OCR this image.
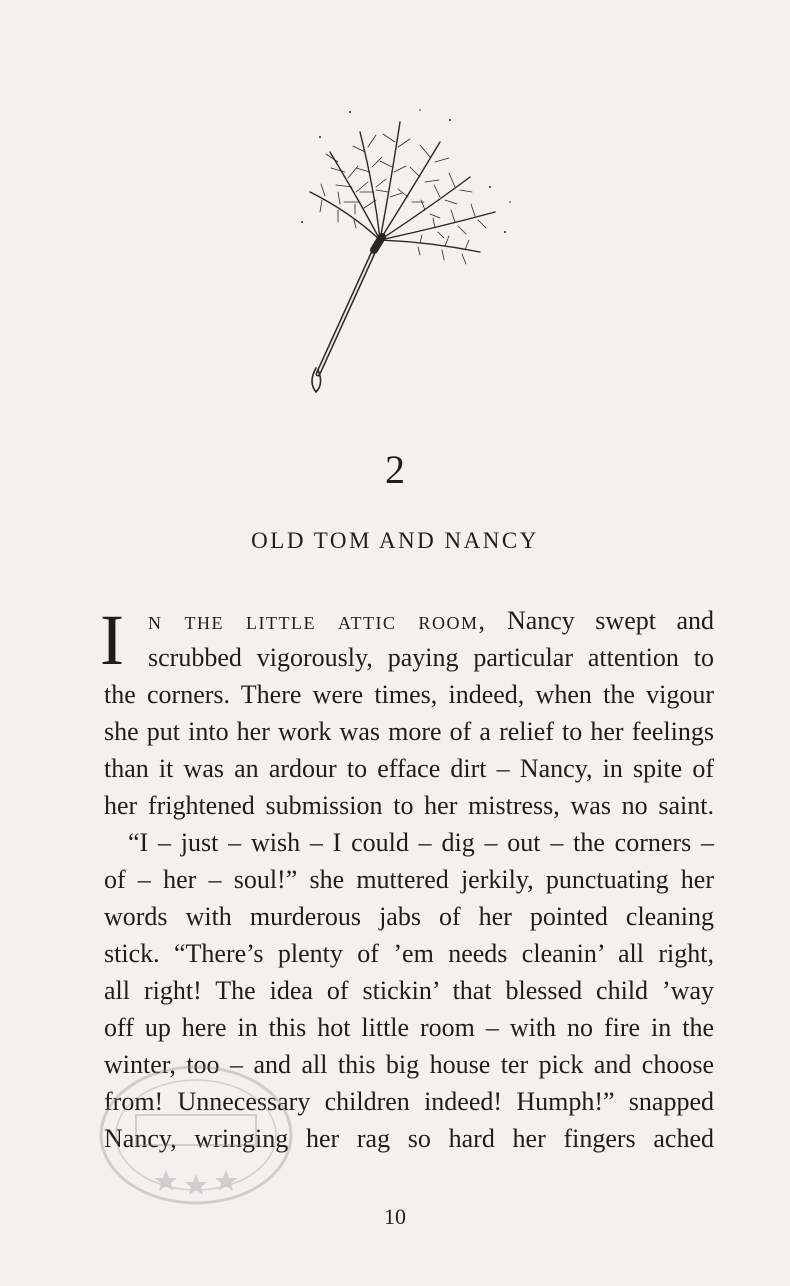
2
OLD TOM AND NANCY
I n the little attic room, Nancy swept and
scrubbed vigorously, paying particular attention to
the corners. There were times, indeed, when the vigour
she put into her work was more of a relief to her feelings
than it was an ardour to efface dirt – Nancy, in spite of
her frightened submission to her mistress, was no saint.
“I – just – wish – I could – dig – out – the corners –
of – her – soul!” she muttered jerkily, punctuating her
words with murderous jabs of her pointed cleaning
stick. “There’s plenty of ’em needs cleanin’ all right,
all right! The idea of stickin’ that blessed child ’way
off up here in this hot little room – with no fire in the
winter, too – and all this big house ter pick and choose
from! Unnecessary children indeed! Humph!” snapped
Nancy, wringing her rag so hard her fingers ached
10
